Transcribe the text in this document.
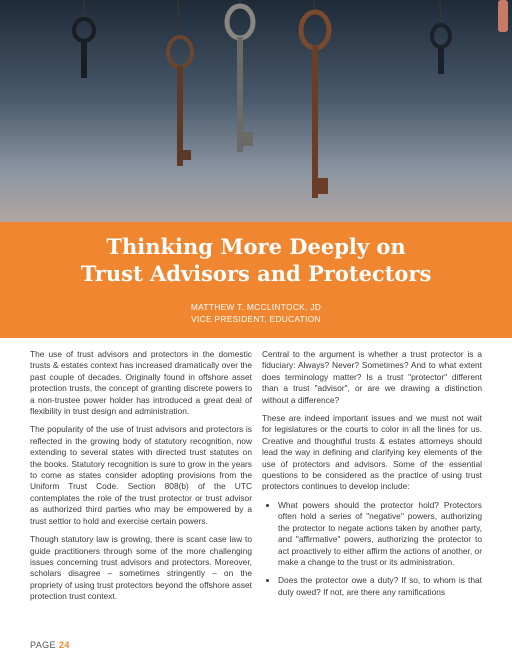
Thinking More Deeply on
Trust Advisors and Protectors
MATTHEW T. MCCLINTOCK, JD
VICE PRESIDENT, EDUCATION

The use of trust advisors and protectors in the domestic trusts & estates context has increased dramatically over the past couple of decades. Originally found in offshore asset protection trusts, the concept of granting discrete powers to a non-trustee power holder has introduced a great deal of flexibility in trust design and administration.

The popularity of the use of trust advisors and protectors is reflected in the growing body of statutory recognition, now extending to several states with directed trust statutes on the books. Statutory recognition is sure to grow in the years to come as states consider adopting provisions from the Uniform Trust Code. Section 808(b) of the UTC contemplates the role of the trust protector or trust advisor as authorized third parties who may be empowered by a trust settlor to hold and exercise certain powers.

Though statutory law is growing, there is scant case law to guide practitioners through some of the more challenging issues concerning trust advisors and protectors. Moreover, scholars disagree – sometimes stringently – on the propriety of using trust protectors beyond the offshore asset protection trust context.

Central to the argument is whether a trust protector is a fiduciary: Always? Never? Sometimes? And to what extent does terminology matter? Is a trust "protector" different than a trust "advisor", or are we drawing a distinction without a difference?

These are indeed important issues and we must not wait for legislatures or the courts to color in all the lines for us. Creative and thoughtful trusts & estates attorneys should lead the way in defining and clarifying key elements of the use of protectors and advisors. Some of the essential questions to be considered as the practice of using trust protectors continues to develop include:

• What powers should the protector hold? Protectors often hold a series of "negative" powers, authorizing the protector to negate actions taken by another party, and "affirmative" powers, authorizing the protector to act proactively to either affirm the actions of another, or make a change to the trust or its administration.
• Does the protector owe a duty? If so, to whom is that duty owed? If not, are there any ramifications
PAGE 24
